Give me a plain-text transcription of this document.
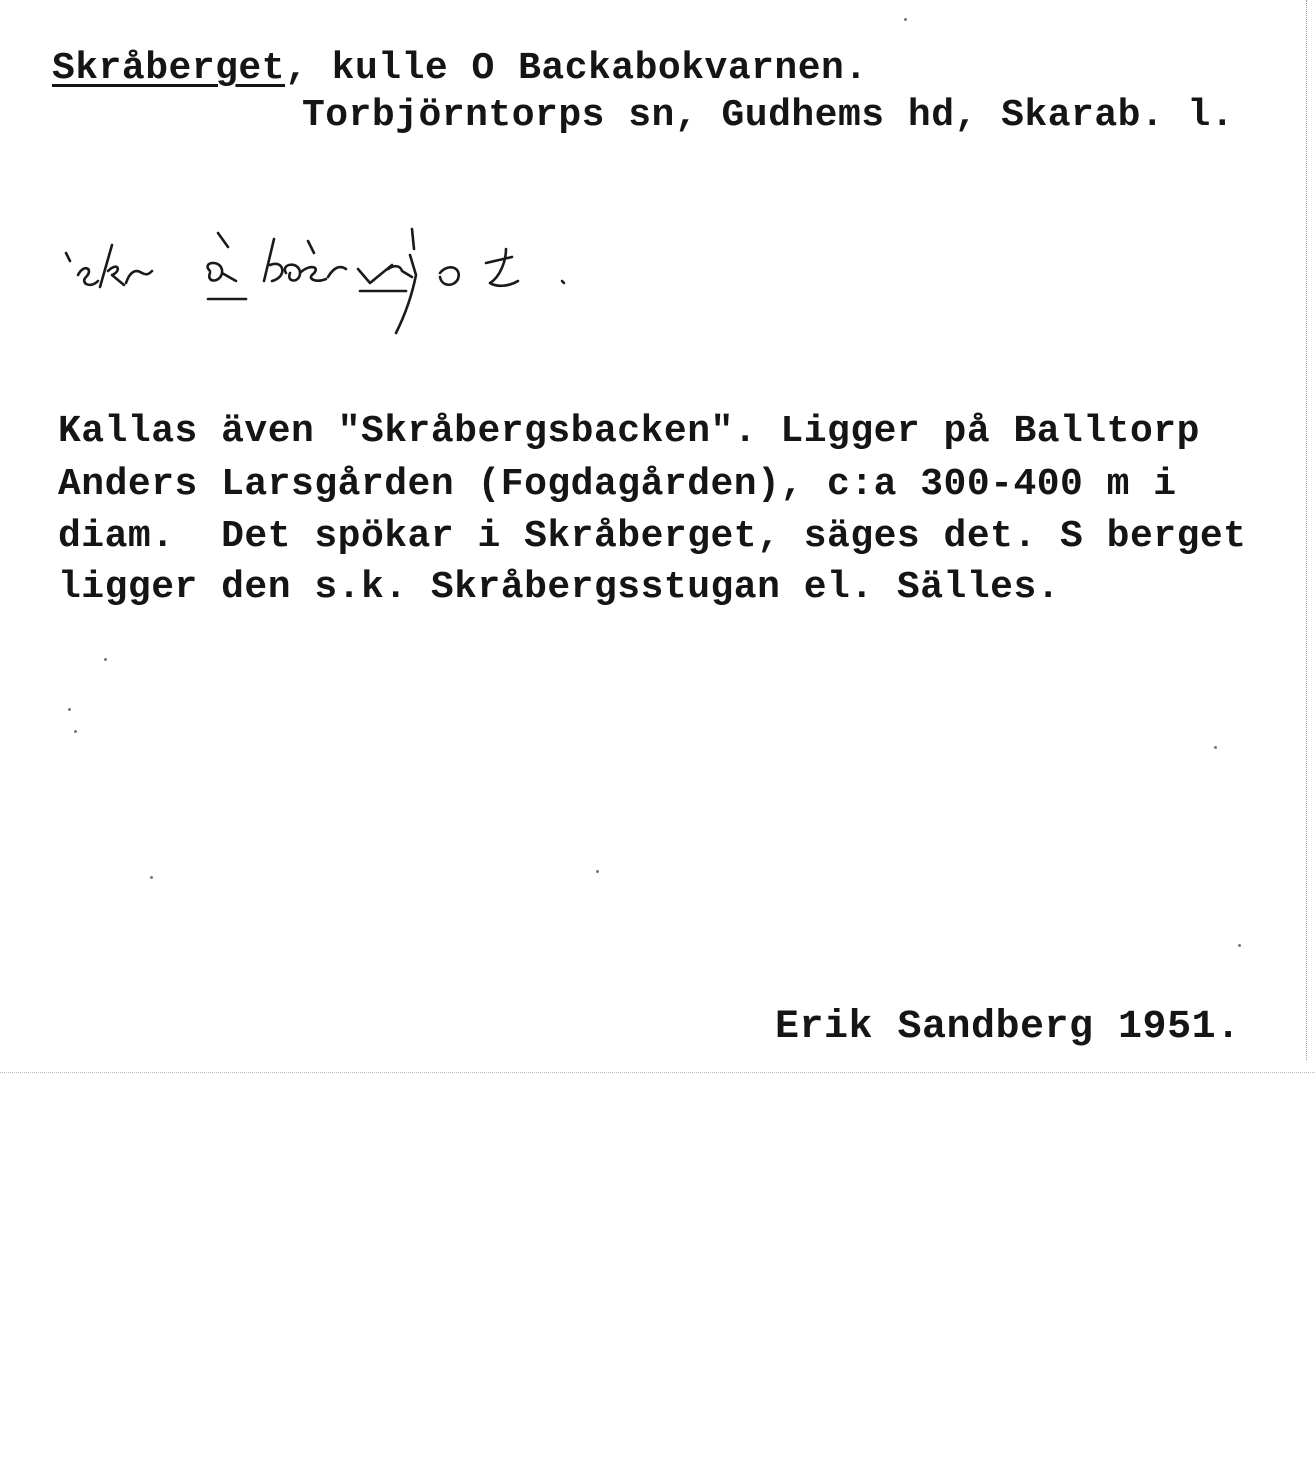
Skråberget, kulle O Backabokvarnen.
Torbjörntorps sn, Gudhems hd, Skarab. l.
Kallas även "Skråbergsbacken". Ligger på Balltorp
Anders Larsgården (Fogdagården), c:a 300-400 m i
diam.  Det spökar i Skråberget, säges det. S berget
ligger den s.k. Skråbergsstugan el. Sälles.
Erik Sandberg 1951.
